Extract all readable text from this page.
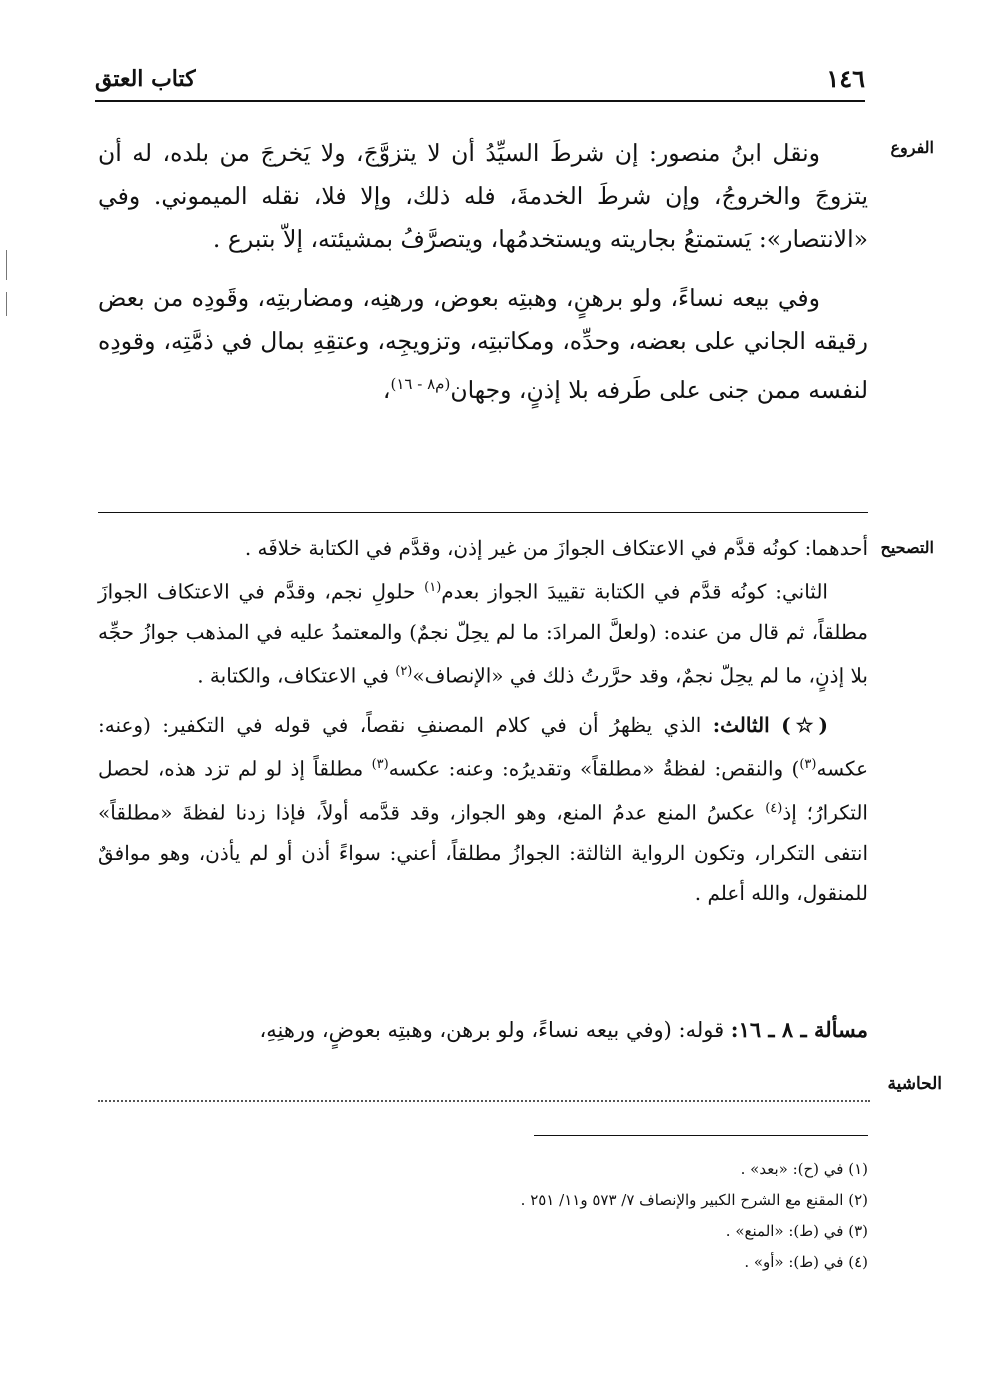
١٤٦
كتاب العتق
الفروع

ونقل ابنُ منصور: إن شرطَ السيِّدُ أن لا يتزوَّجَ، ولا يَخرجَ من بلده، له أن يتزوجَ والخروجُ، وإن شرطَ الخدمةَ، فله ذلك، وإلا فلا، نقله الميموني. وفي «الانتصار»: يَستمتعُ بجاريته ويستخدمُها، ويتصرَّفُ بمشيئته، إلاّ بتبرع .

وفي بيعه نساءً، ولو برهنٍ، وهبتِه بعوض، ورهنِه، ومضاربتِه، وقَودِه من بعض رقيقه الجاني على بعضه، وحدِّه، ومكاتبتِه، وتزويجِه، وعتقِهِ بمال في ذمَّتِه، وقودِه لنفسه ممن جنى على طَرفه بلا إذنٍ، وجهان$^{(م٨ - ١٦)}$،

التصحيح

أحدهما: كونُه قدَّم في الاعتكاف الجوازَ من غير إذن، وقدَّم في الكتابة خلافَه .

الثاني: كونُه قدَّم في الكتابة تقييدَ الجواز بعدم$^{(١)}$ حلولِ نجم، وقدَّم في الاعتكاف الجوازَ مطلقاً، ثم قال من عنده: (ولعلَّ المرادَ: ما لم يحِلّ نجمٌ) والمعتمدُ عليه في المذهب جوازُ حجِّه بلا إذنٍ، ما لم يحِلّ نجمٌ، وقد حرَّرتُ ذلك في «الإنصاف»$^{(٢)}$ في الاعتكاف، والكتابة .

(☆) الثالث: الذي يظهرُ أن في كلام المصنفِ نقصاً، في قوله في التكفير: (وعنه: عكسه$^{(٣)}$) والنقص: لفظةُ «مطلقاً» وتقديرُه: وعنه: عكسه$^{(٣)}$ مطلقاً إذ لو لم تزد هذه، لحصل التكرارُ؛ إذ$^{(٤)}$ عكسُ المنع عدمُ المنع، وهو الجواز، وقد قدَّمه أولاً، فإذا زدنا لفظةَ «مطلقاً» انتفى التكرار، وتكون الرواية الثالثة: الجوازُ مطلقاً، أعني: سواءً أذن أو لم يأذن، وهو موافقٌ للمنقول، والله أعلم .

مسألة ـ ٨ ـ ١٦: قوله: (وفي بيعه نساءً، ولو برهن، وهبتِه بعوضٍ، ورهنِهِ،
الحاشية
(١) في (ح): «بعد» .
(٢) المقنع مع الشرح الكبير والإنصاف ٧/ ٥٧٣ و١١/ ٢٥١ .
(٣) في (ط): «المنع» .
(٤) في (ط): «أو» .
